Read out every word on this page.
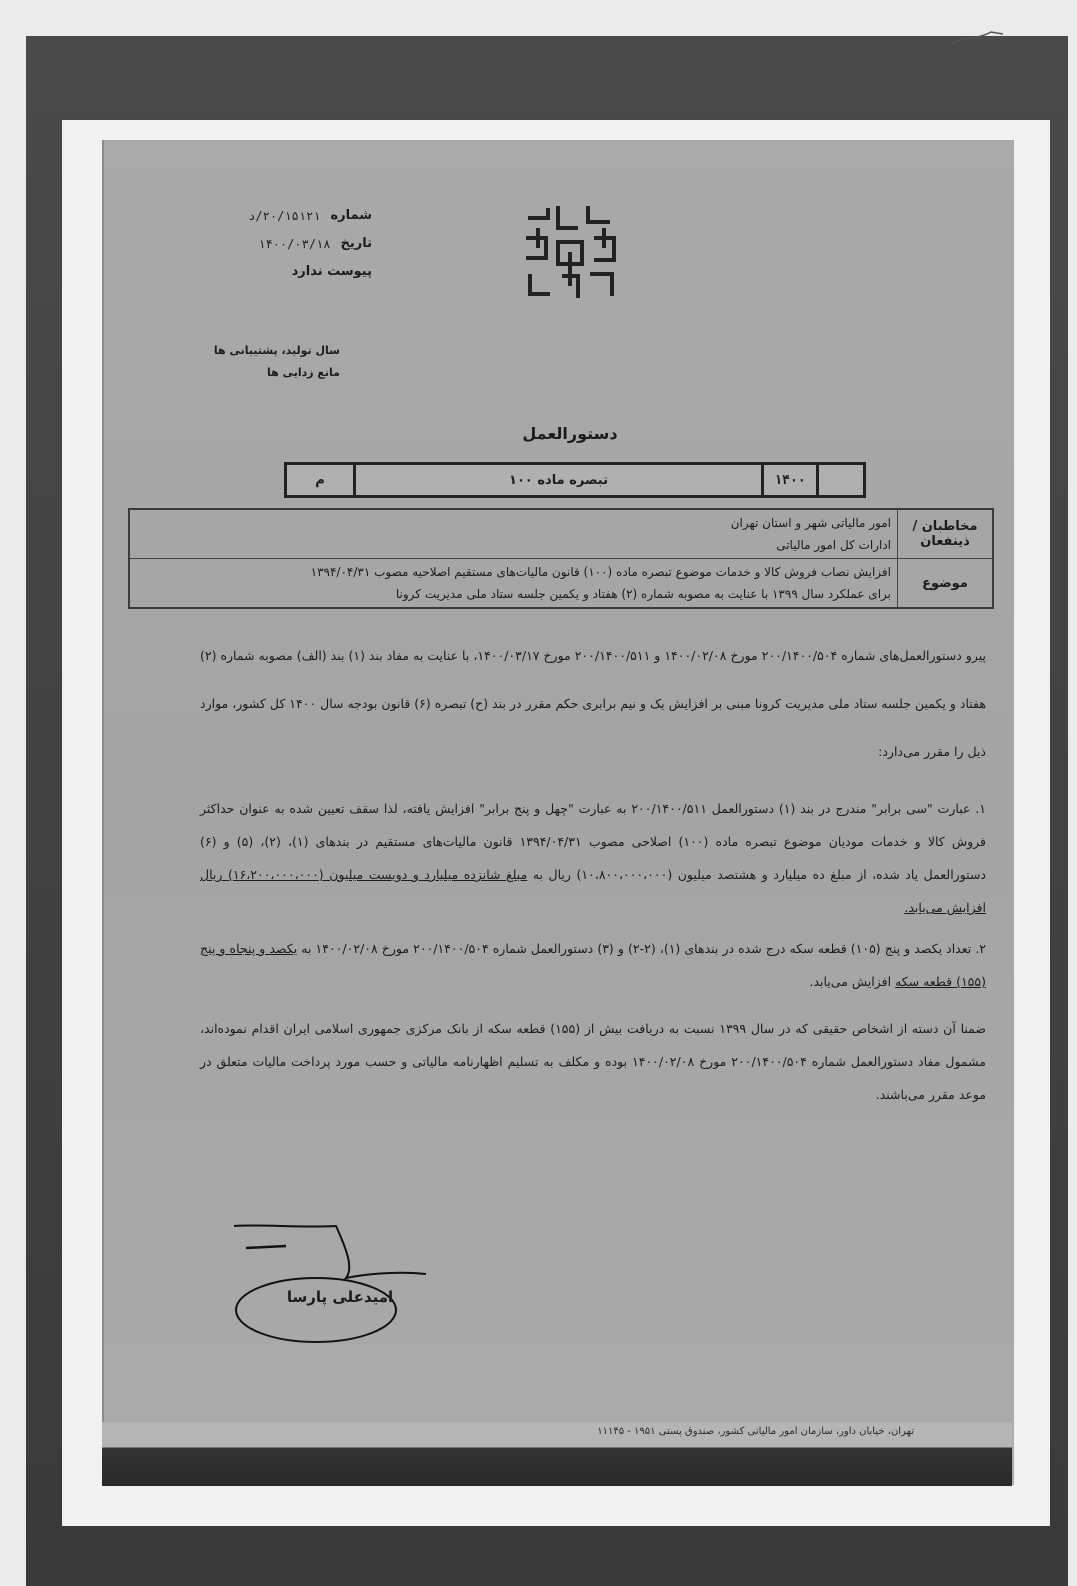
شماره
۲۰/۱۵۱۲۱/د
تاریخ
۱۴۰۰/۰۳/۱۸
پیوست ندارد
سال تولید، پشتیبانی ها
مانع زدایی ها
دستورالعمل
۱۴۰۰
تبصره ماده ۱۰۰
م
مخاطبان / ذینفعان	امور مالیاتی شهر و استان تهران
ادارات کل امور مالیاتی

موضوع	افزایش نصاب فروش کالا و خدمات موضوع تبصره ماده (۱۰۰) قانون مالیات‌های مستقیم اصلاحیه مصوب ۱۳۹۴/۰۴/۳۱
برای عملکرد سال ۱۳۹۹ با عنایت به مصوبه شماره (۲) هفتاد و یکمین جلسه ستاد ملی مدیریت کرونا

پیرو دستورالعمل‌های شماره ۲۰۰/۱۴۰۰/۵۰۴ مورخ ۱۴۰۰/۰۲/۰۸ و ۲۰۰/۱۴۰۰/۵۱۱ مورخ ۱۴۰۰/۰۳/۱۷، با عنایت به مفاد بند (۱) بند (الف) مصوبه شماره (۲) هفتاد و یکمین جلسه ستاد ملی مدیریت کرونا مبنی بر افزایش یک و نیم برابری حکم مقرر در بند (ح) تبصره (۶) قانون بودجه سال ۱۴۰۰ کل کشور، موارد ذیل را مقرر می‌دارد:

۱. عبارت "سی برابر" مندرج در بند (۱) دستورالعمل ۲۰۰/۱۴۰۰/۵۱۱ به عبارت "چهل و پنج برابر" افزایش یافته، لذا سقف تعیین شده به عنوان حداکثر فروش کالا و خدمات مودیان موضوع تبصره ماده (۱۰۰) اصلاحی مصوب ۱۳۹۴/۰۴/۳۱ قانون مالیات‌های مستقیم در بندهای (۱)، (۲)، (۵) و (۶) دستورالعمل یاد شده، از مبلغ ده میلیارد و هشتصد میلیون (۱۰،۸۰۰،۰۰۰،۰۰۰) ریال به مبلغ شانزده میلیارد و دویست میلیون (۱۶،۲۰۰،۰۰۰،۰۰۰) ریال افزایش می‌یابد.

۲. تعداد یکصد و پنج (۱۰۵) قطعه سکه درج شده در بندهای (۱)، (۲-۲) و (۳) دستورالعمل شماره ۲۰۰/۱۴۰۰/۵۰۴ مورخ ۱۴۰۰/۰۲/۰۸ به یکصد و پنجاه و پنج (۱۵۵) قطعه سکه افزایش می‌یابد.

ضمنا آن دسته از اشخاص حقیقی که در سال ۱۳۹۹ نسبت به دریافت بیش از (۱۵۵) قطعه سکه از بانک مرکزی جمهوری اسلامی ایران اقدام نموده‌اند، مشمول مفاد دستورالعمل شماره ۲۰۰/۱۴۰۰/۵۰۴ مورخ ۱۴۰۰/۰۲/۰۸ بوده و مکلف به تسلیم اظهارنامه مالیاتی و حسب مورد پرداخت مالیات متعلق در موعد مقرر می‌باشند.

امیدعلی پارسا
تهران، خیابان داور، سازمان امور مالیاتی کشور، صندوق پستی ۱۹۵۱ - ۱۱۱۴۵
